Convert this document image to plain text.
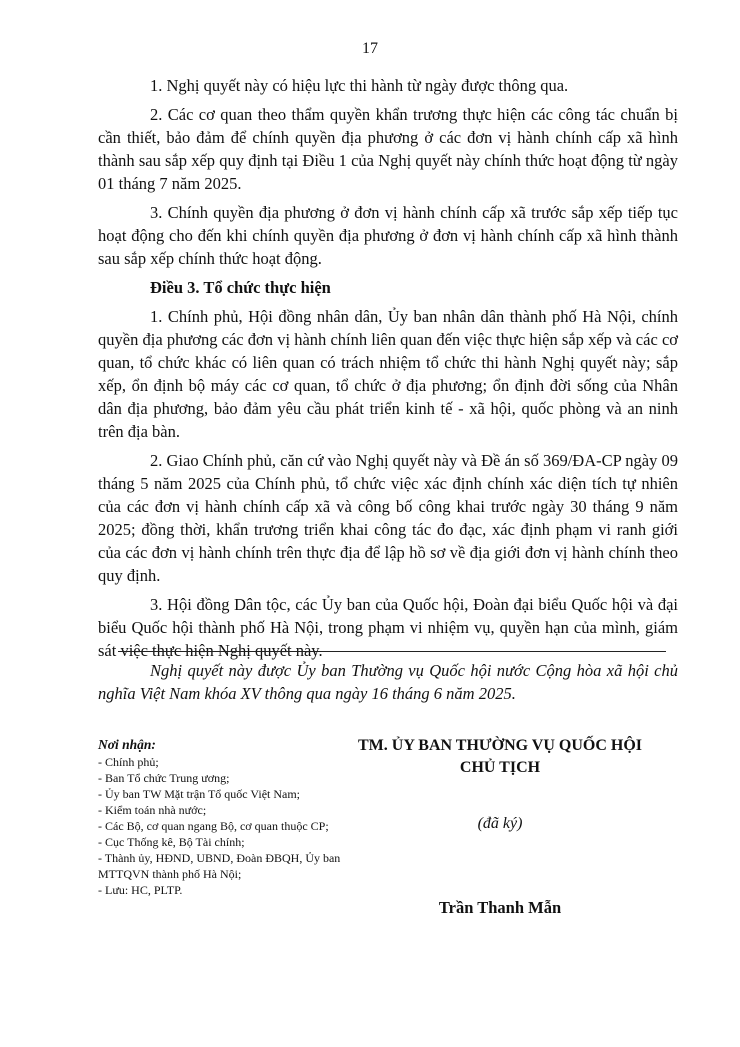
17

1. Nghị quyết này có hiệu lực thi hành từ ngày được thông qua.

2. Các cơ quan theo thẩm quyền khẩn trương thực hiện các công tác chuẩn bị cần thiết, bảo đảm để chính quyền địa phương ở các đơn vị hành chính cấp xã hình thành sau sắp xếp quy định tại Điều 1 của Nghị quyết này chính thức hoạt động từ ngày 01 tháng 7 năm 2025.

3. Chính quyền địa phương ở đơn vị hành chính cấp xã trước sắp xếp tiếp tục hoạt động cho đến khi chính quyền địa phương ở đơn vị hành chính cấp xã hình thành sau sắp xếp chính thức hoạt động.

Điều 3. Tổ chức thực hiện

1. Chính phủ, Hội đồng nhân dân, Ủy ban nhân dân thành phố Hà Nội, chính quyền địa phương các đơn vị hành chính liên quan đến việc thực hiện sắp xếp và các cơ quan, tổ chức khác có liên quan có trách nhiệm tổ chức thi hành Nghị quyết này; sắp xếp, ổn định bộ máy các cơ quan, tổ chức ở địa phương; ổn định đời sống của Nhân dân địa phương, bảo đảm yêu cầu phát triển kinh tế - xã hội, quốc phòng và an ninh trên địa bàn.

2. Giao Chính phủ, căn cứ vào Nghị quyết này và Đề án số 369/ĐA-CP ngày 09 tháng 5 năm 2025 của Chính phủ, tổ chức việc xác định chính xác diện tích tự nhiên của các đơn vị hành chính cấp xã và công bố công khai trước ngày 30 tháng 9 năm 2025; đồng thời, khẩn trương triển khai công tác đo đạc, xác định phạm vi ranh giới của các đơn vị hành chính trên thực địa để lập hồ sơ về địa giới đơn vị hành chính theo quy định.

3. Hội đồng Dân tộc, các Ủy ban của Quốc hội, Đoàn đại biểu Quốc hội và đại biểu Quốc hội thành phố Hà Nội, trong phạm vi nhiệm vụ, quyền hạn của mình, giám sát việc thực hiện Nghị quyết này.

Nghị quyết này được Ủy ban Thường vụ Quốc hội nước Cộng hòa xã hội chủ nghĩa Việt Nam khóa XV thông qua ngày 16 tháng 6 năm 2025.

Nơi nhận:
- Chính phủ;
- Ban Tổ chức Trung ương;
- Ủy ban TW Mặt trận Tổ quốc Việt Nam;
- Kiểm toán nhà nước;
- Các Bộ, cơ quan ngang Bộ, cơ quan thuộc CP;
- Cục Thống kê, Bộ Tài chính;
- Thành ủy, HĐND, UBND, Đoàn ĐBQH, Ủy ban MTTQVN thành phố Hà Nội;
- Lưu: HC, PLTP.
TM. ỦY BAN THƯỜNG VỤ QUỐC HỘI
CHỦ TỊCH
(đã ký)
Trần Thanh Mẫn
